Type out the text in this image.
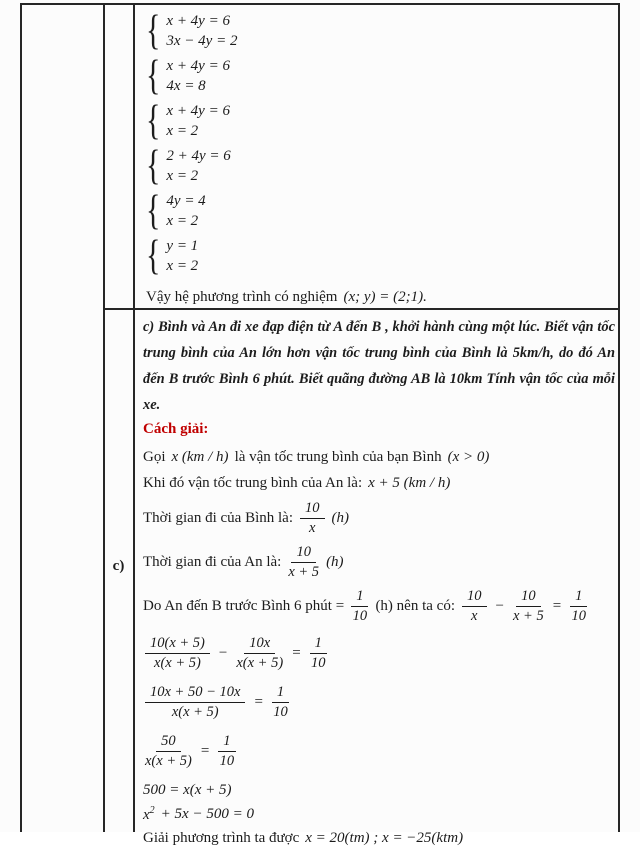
c)
{ x + 4y = 6
3x − 4y = 2
{ x + 4y = 6
4x = 8
{ x + 4y = 6
x = 2
{ 2 + 4y = 6
x = 2
{ 4y = 4
x = 2
{ y = 1
x = 2
Vậy hệ phương trình có nghiệm (x; y) = (2;1).
c) Bình và An đi xe đạp điện từ A đến B , khởi hành cùng một lúc. Biết vận tốc trung bình của An lớn hơn vận tốc trung bình của Bình là 5km/h, do đó An đến B trước Bình 6 phút. Biết quãng đường AB là 10km Tính vận tốc của mỗi xe.
Cách giải:
Gọi x (km / h) là vận tốc trung bình của bạn Bình (x > 0)
Khi đó vận tốc trung bình của An là: x + 5 (km / h)
Thời gian đi của Bình là: $\frac{10}{x} (h)$
Thời gian đi của An là: $\frac{10}{x + 5} (h)$
Do An đến B trước Bình 6 phút = $\frac{1}{10} (h)$ nên ta có: $\frac{10}{x} - \frac{10}{x + 5} = \frac{1}{10}$
$\frac{10(x + 5)}{x(x + 5)} - \frac{10x}{x(x + 5)} = \frac{1}{10}$
$\frac{10x + 50 - 10x}{x(x + 5)} = \frac{1}{10}$
$\frac{50}{x(x + 5)} = \frac{1}{10}$
500 = x(x + 5)
$x^2 + 5x - 500 = 0$
Giải phương trình ta được x = 20(tm) ; x = −25(ktm)
